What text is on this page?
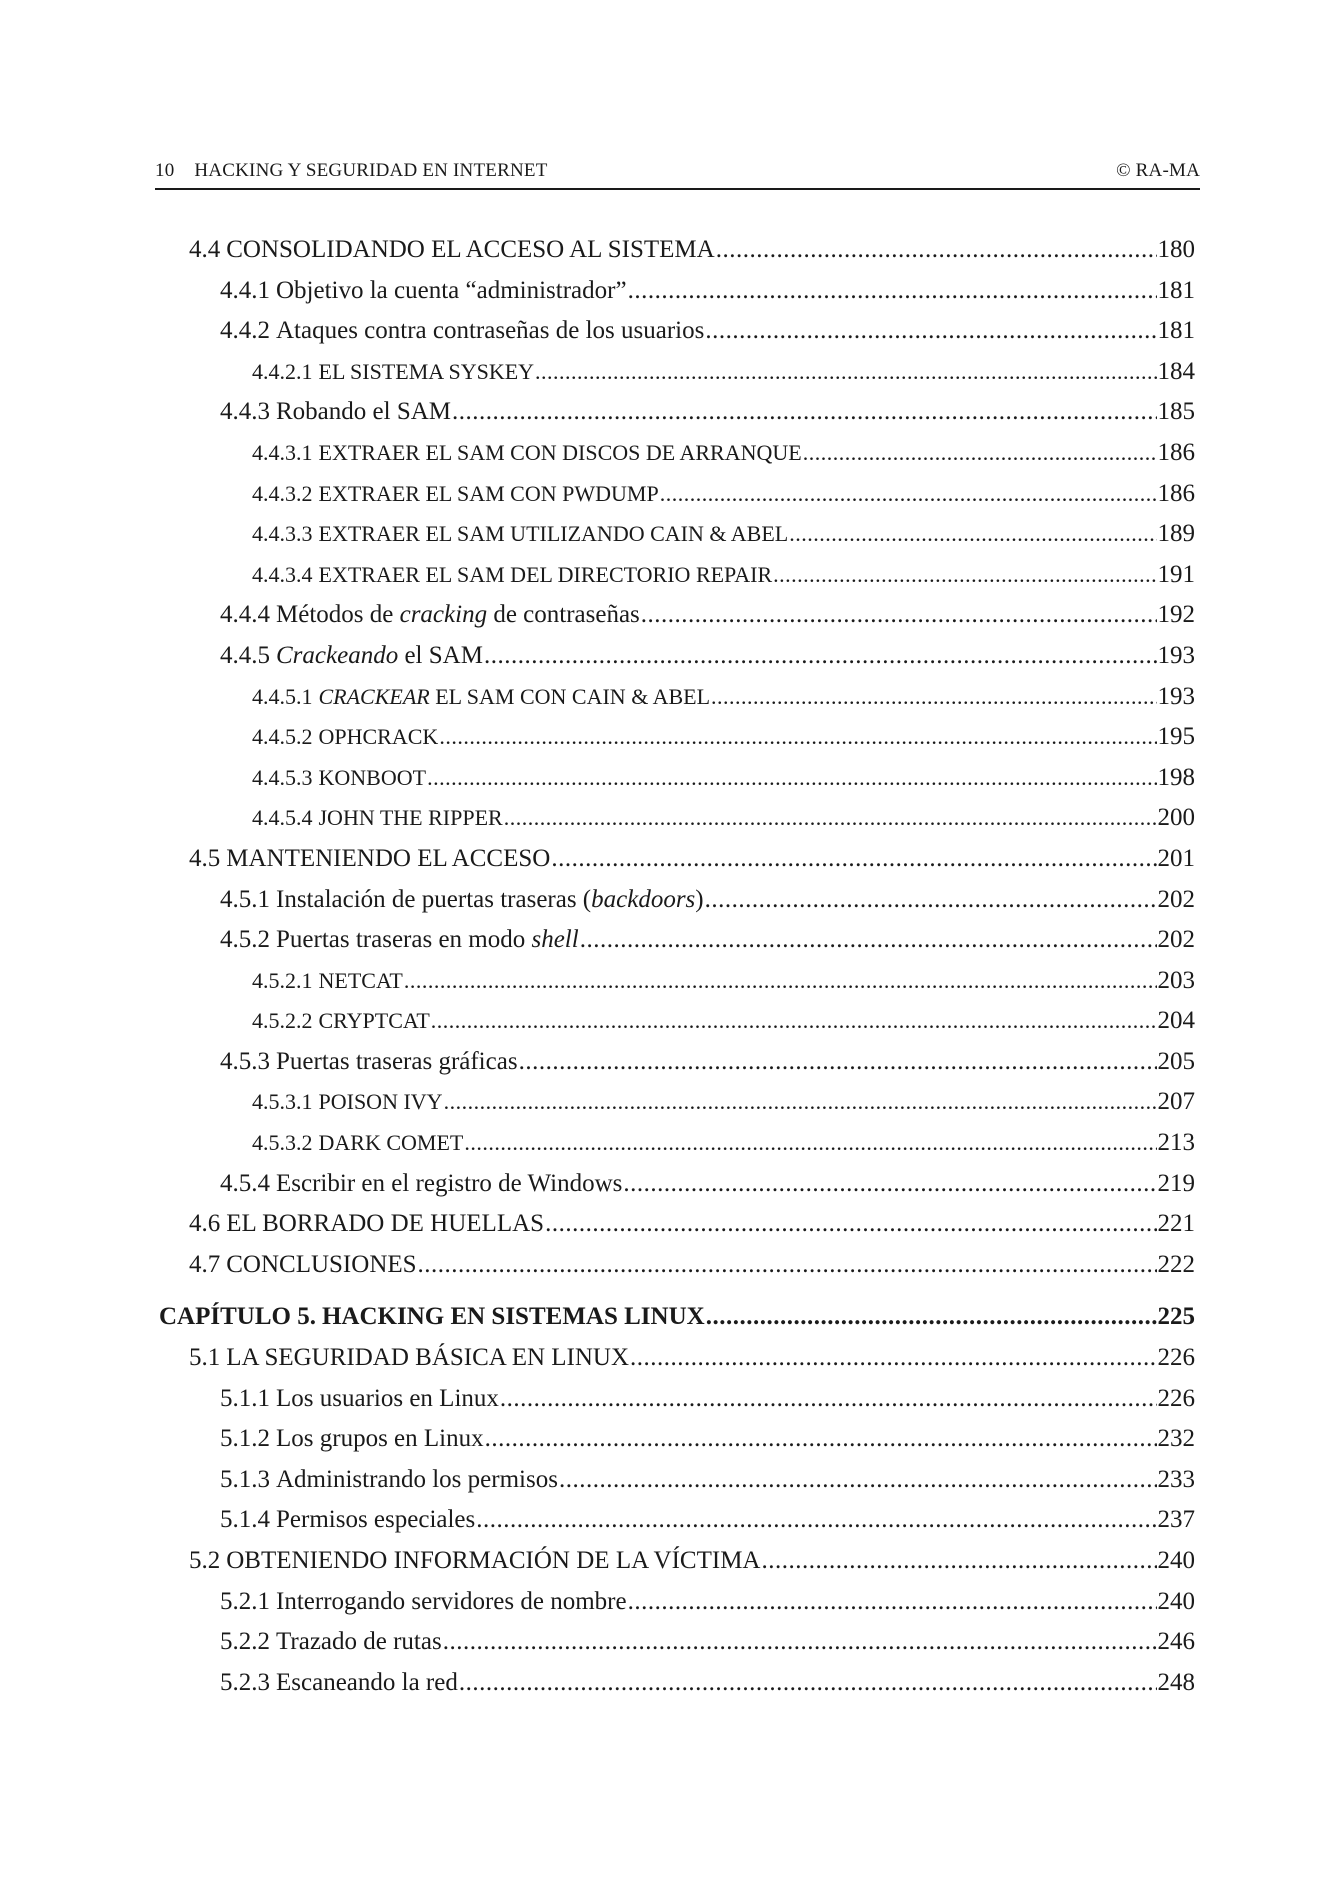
10 HACKING Y SEGURIDAD EN INTERNET	© RA-MA
4.4 CONSOLIDANDO EL ACCESO AL SISTEMA .....	180
4.4.1 Objetivo la cuenta “administrador” .....	181
4.4.2 Ataques contra contraseñas de los usuarios .....	181
4.4.2.1 EL SISTEMA SYSKEY .....	184
4.4.3 Robando el SAM .....	185
4.4.3.1 EXTRAER EL SAM CON DISCOS DE ARRANQUE .....	186
4.4.3.2 EXTRAER EL SAM CON PWDUMP .....	186
4.4.3.3 EXTRAER EL SAM UTILIZANDO CAIN & ABEL .....	189
4.4.3.4 EXTRAER EL SAM DEL DIRECTORIO REPAIR .....	191
4.4.4 Métodos de cracking de contraseñas .....	192
4.4.5 Crackeando el SAM .....	193
4.4.5.1 CRACKEAR EL SAM CON CAIN & ABEL .....	193
4.4.5.2 OPHCRACK .....	195
4.4.5.3 KONBOOT .....	198
4.4.5.4 JOHN THE RIPPER .....	200
4.5 MANTENIENDO EL ACCESO .....	201
4.5.1 Instalación de puertas traseras (backdoors) .....	202
4.5.2 Puertas traseras en modo shell .....	202
4.5.2.1 NETCAT .....	203
4.5.2.2 CRYPTCAT .....	204
4.5.3 Puertas traseras gráficas .....	205
4.5.3.1 POISON IVY .....	207
4.5.3.2 DARK COMET .....	213
4.5.4 Escribir en el registro de Windows .....	219
4.6 EL BORRADO DE HUELLAS .....	221
4.7 CONCLUSIONES .....	222
CAPÍTULO 5. HACKING EN SISTEMAS LINUX .....	225
5.1 LA SEGURIDAD BÁSICA EN LINUX .....	226
5.1.1 Los usuarios en Linux .....	226
5.1.2 Los grupos en Linux .....	232
5.1.3 Administrando los permisos .....	233
5.1.4 Permisos especiales .....	237
5.2 OBTENIENDO INFORMACIÓN DE LA VÍCTIMA .....	240
5.2.1 Interrogando servidores de nombre .....	240
5.2.2 Trazado de rutas .....	246
5.2.3 Escaneando la red .....	248
